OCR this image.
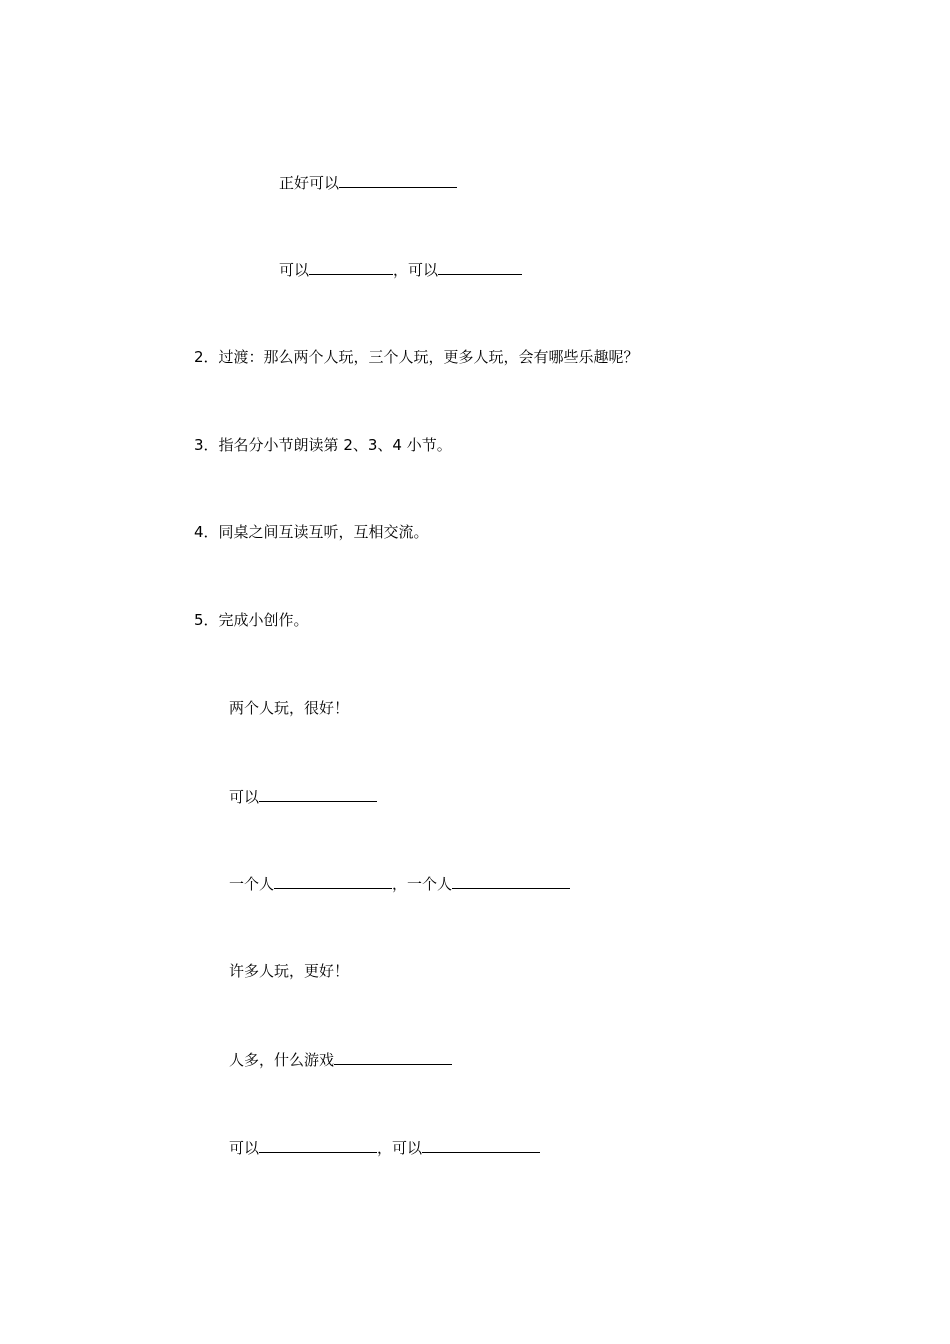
正好可以
可以	，可以
2．过渡：那么两个人玩，三个人玩，更多人玩，会有哪些乐趣呢？
3．指名分小节朗读第 2、3、4 小节。
4．同桌之间互读互听，互相交流。
5．完成小创作。
两个人玩，很好！
可以
一个人	，一个人
许多人玩，更好！
人多，什么游戏
可以	，可以
